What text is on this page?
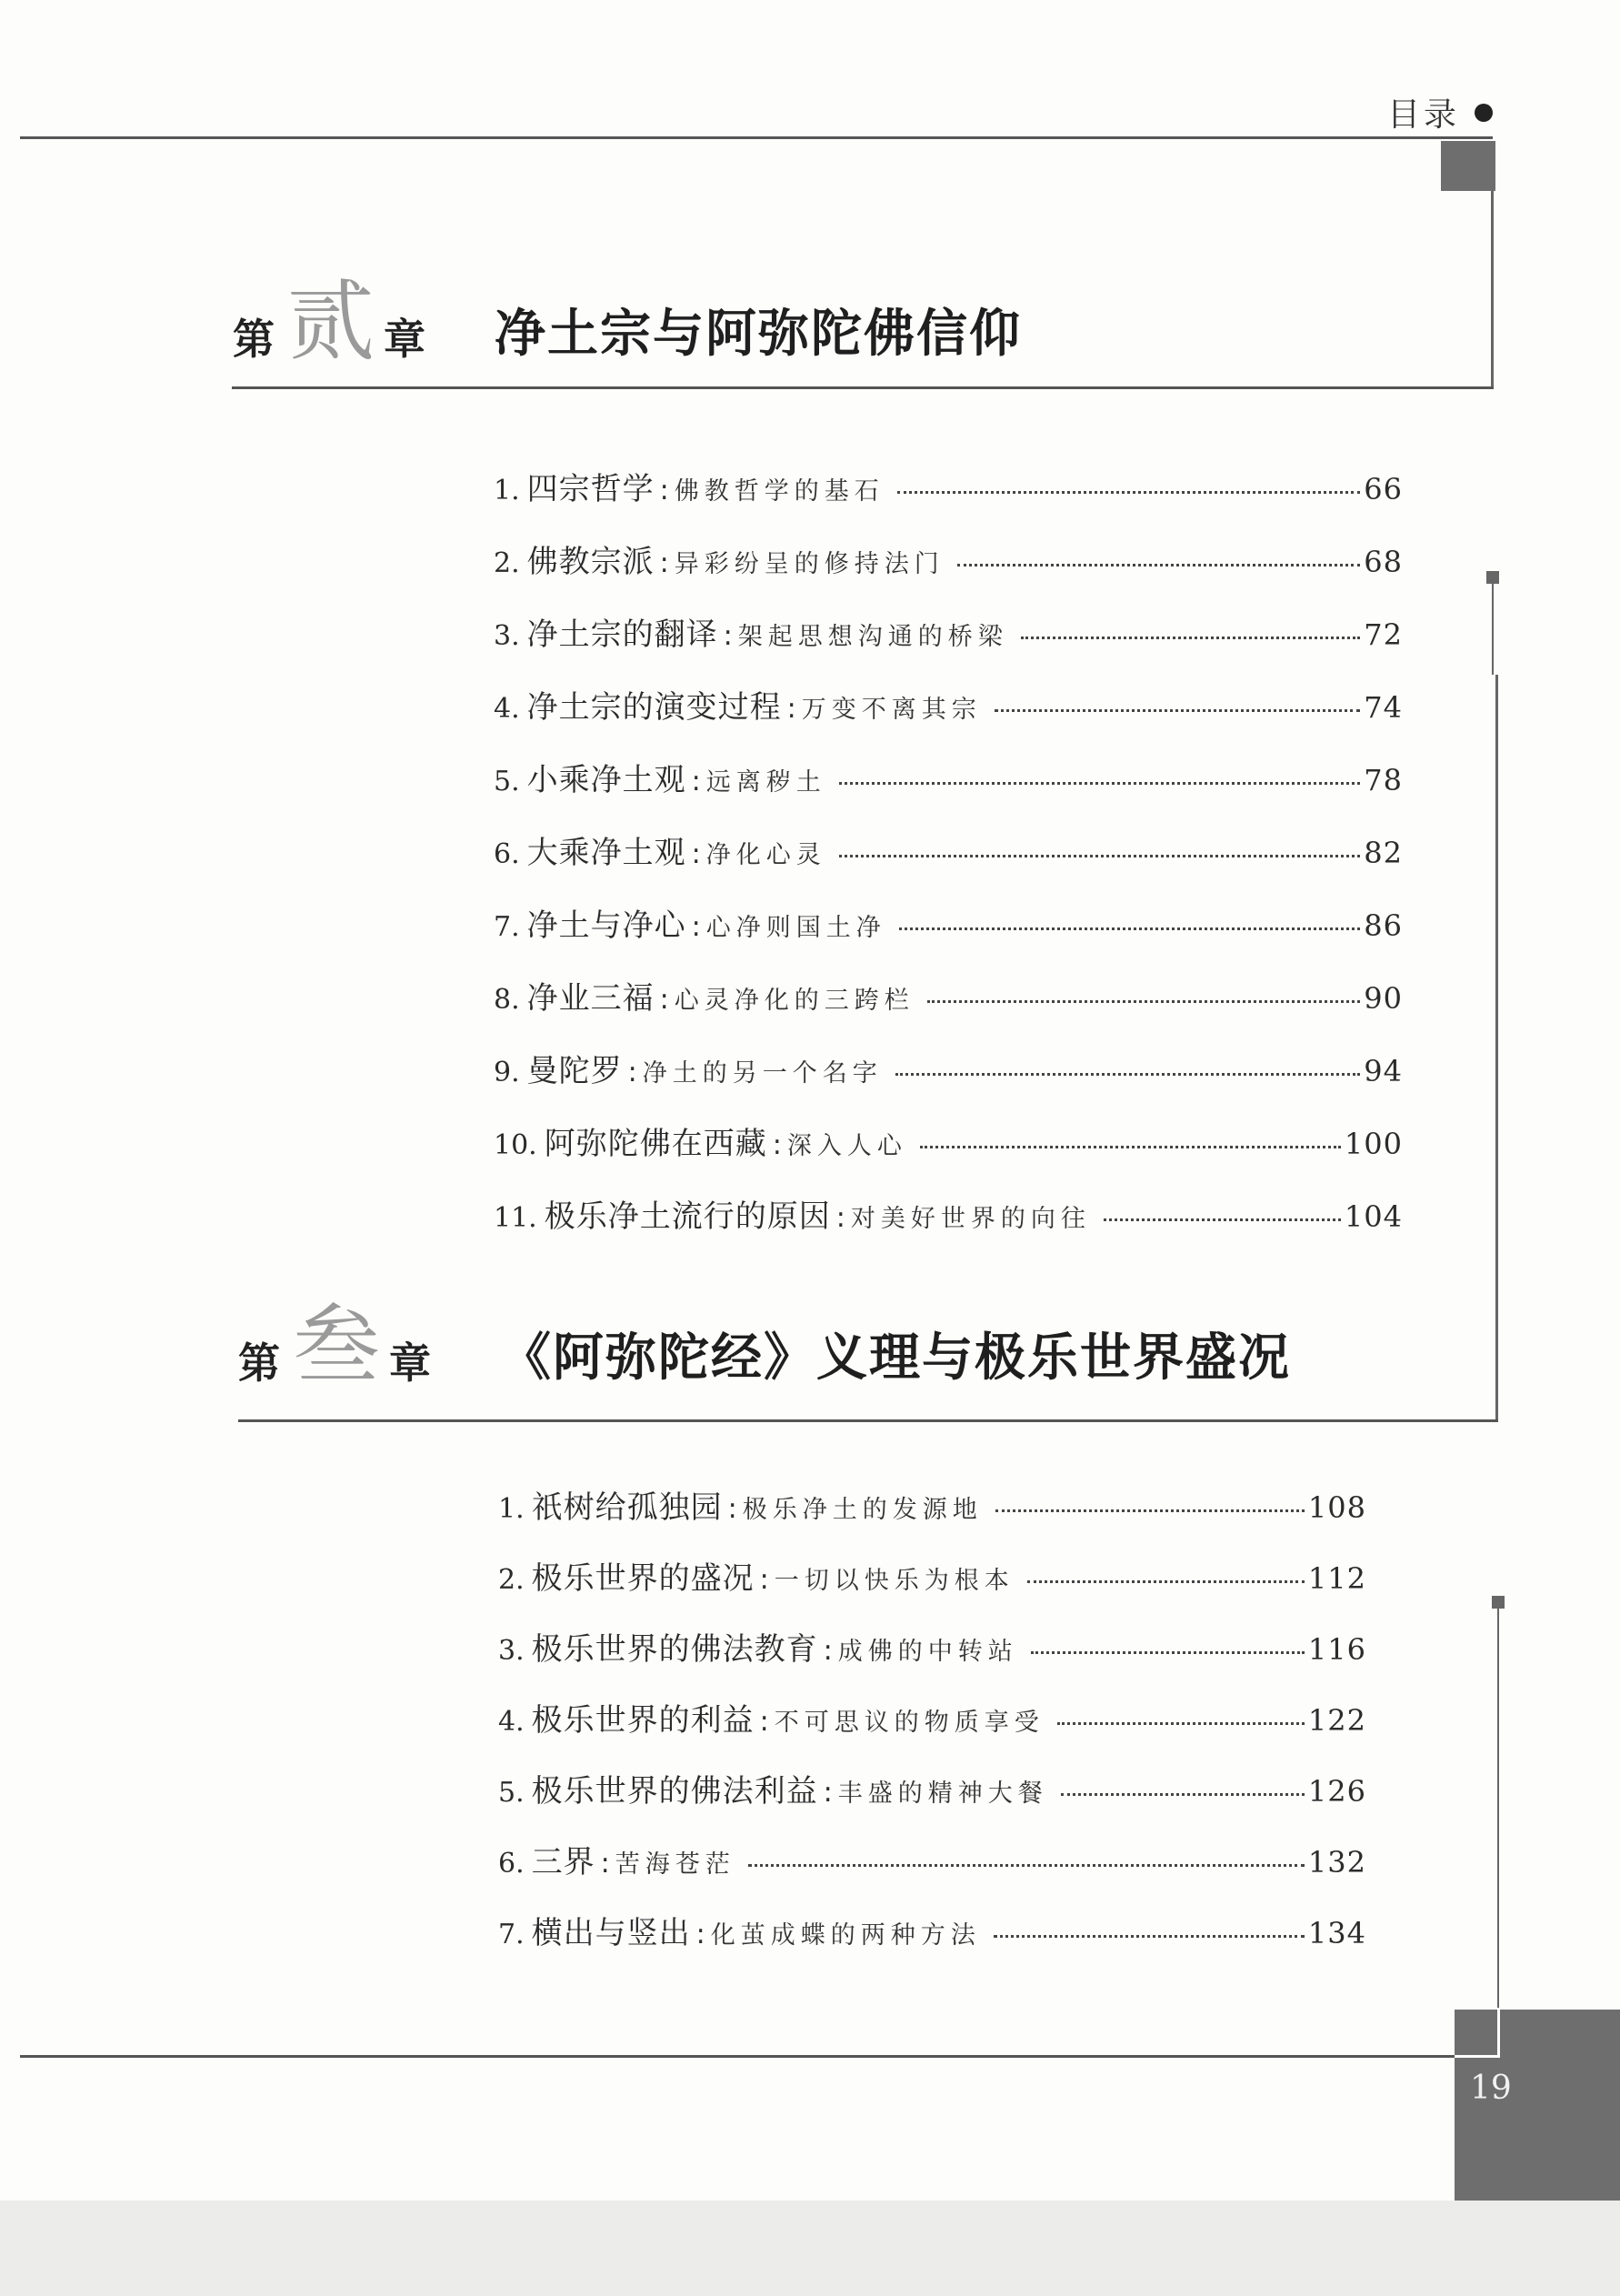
目录
第 贰 章 净土宗与阿弥陀佛信仰
1. 四宗哲学 : 佛教哲学的基石	66
2. 佛教宗派 : 异彩纷呈的修持法门	68
3. 净土宗的翻译 : 架起思想沟通的桥梁	72
4. 净土宗的演变过程 : 万变不离其宗	74
5. 小乘净土观 : 远离秽土	78
6. 大乘净土观 : 净化心灵	82
7. 净土与净心 : 心净则国土净	86
8. 净业三福 : 心灵净化的三跨栏	90
9. 曼陀罗 : 净土的另一个名字	94
10. 阿弥陀佛在西藏 : 深入人心	100
11. 极乐净土流行的原因 : 对美好世界的向往	104
第 叁 章 《阿弥陀经》义理与极乐世界盛况
1. 祇树给孤独园 : 极乐净土的发源地	108
2. 极乐世界的盛况 : 一切以快乐为根本	112
3. 极乐世界的佛法教育 : 成佛的中转站	116
4. 极乐世界的利益 : 不可思议的物质享受	122
5. 极乐世界的佛法利益 : 丰盛的精神大餐	126
6. 三界 : 苦海苍茫	132
7. 横出与竖出 : 化茧成蝶的两种方法	134
19
